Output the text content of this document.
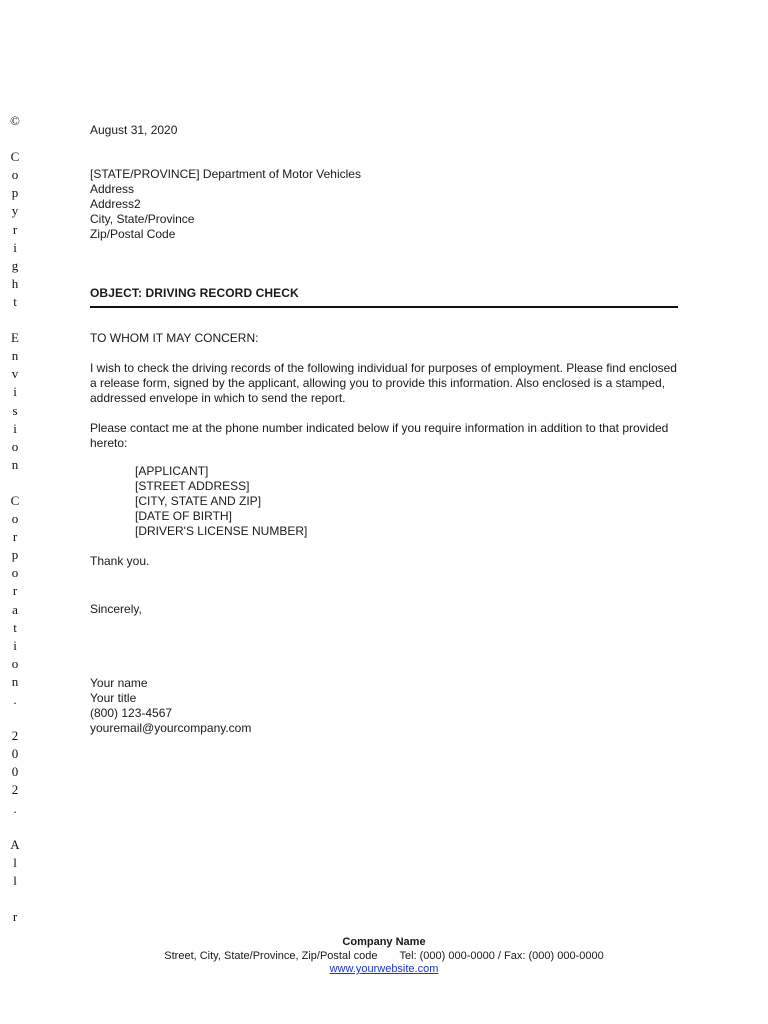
©
C
o
p
y
r
i
g
h
t
E
n
v
i
s
i
o
n
C
o
r
p
o
r
a
t
i
o
n
.
2
0
0
2
.
A
l
l
r
August 31, 2020
[STATE/PROVINCE] Department of Motor Vehicles
Address
Address2
City, State/Province
Zip/Postal Code
OBJECT: DRIVING RECORD CHECK
TO WHOM IT MAY CONCERN:
I wish to check the driving records of the following individual for purposes of employment. Please find enclosed a release form, signed by the applicant, allowing you to provide this information. Also enclosed is a stamped, addressed envelope in which to send the report.
Please contact me at the phone number indicated below if you require information in addition to that provided hereto:
[APPLICANT]
[STREET ADDRESS]
[CITY, STATE AND ZIP]
[DATE OF BIRTH]
[DRIVER'S LICENSE NUMBER]
Thank you.
Sincerely,
Your name
Your title
(800) 123-4567
youremail@yourcompany.com
Company Name
Street, City, State/Province, Zip/Postal code Tel: (000) 000-0000 / Fax: (000) 000-0000
www.yourwebsite.com
